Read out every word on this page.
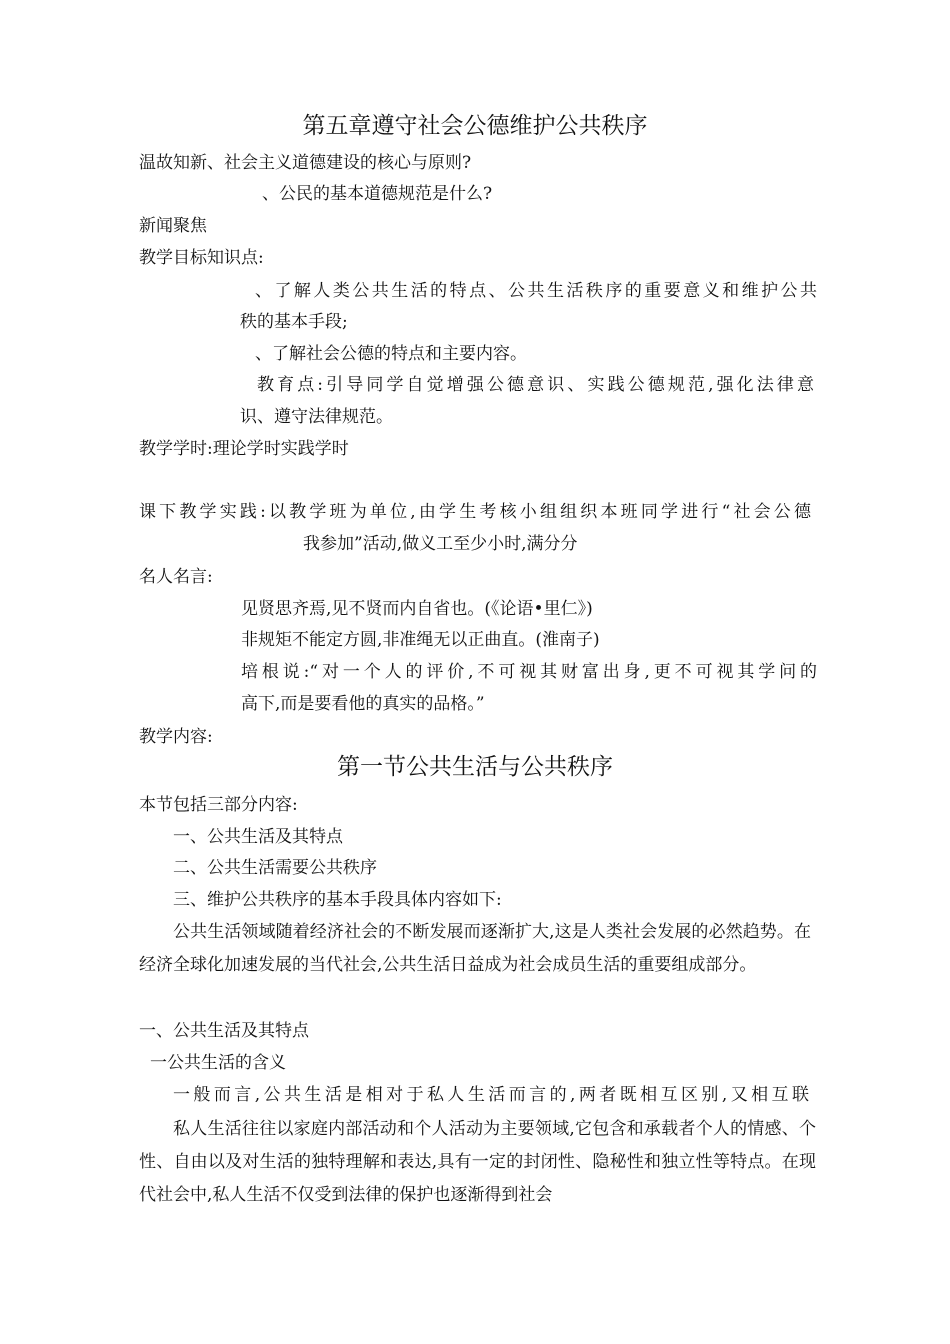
第五章遵守社会公德维护公共秩序
温故知新、社会主义道德建设的核心与原则?
、公民的基本道德规范是什么?
新闻聚焦
教学目标知识点:
、了解人类公共生活的特点、公共生活秩序的重要意义和维护公共
秩的基本手段;
、了解社会公德的特点和主要内容。
教育点:引导同学自觉增强公德意识、实践公德规范,强化法律意
识、遵守法律规范。
教学学时:理论学时实践学时
课下教学实践:以教学班为单位,由学生考核小组组织本班同学进行“社会公德
我参加”活动,做义工至少小时,满分分
名人名言:
见贤思齐焉,见不贤而内自省也。(《论语•里仁》)
非规矩不能定方圆,非准绳无以正曲直。(淮南子)
培根说:“对一个人的评价,不可视其财富出身,更不可视其学问的
高下,而是要看他的真实的品格。”
教学内容:
第一节公共生活与公共秩序
本节包括三部分内容:
一、公共生活及其特点
二、公共生活需要公共秩序
三、维护公共秩序的基本手段具体内容如下:
公共生活领域随着经济社会的不断发展而逐渐扩大,这是人类社会发展的必然趋势。在经济全球化加速发展的当代社会,公共生活日益成为社会成员生活的重要组成部分。
一、公共生活及其特点
一公共生活的含义
一般而言,公共生活是相对于私人生活而言的,两者既相互区别,又相互联
私人生活往往以家庭内部活动和个人活动为主要领域,它包含和承载者个人的情感、个性、自由以及对生活的独特理解和表达,具有一定的封闭性、隐秘性和独立性等特点。在现代社会中,私人生活不仅受到法律的保护也逐渐得到社会
